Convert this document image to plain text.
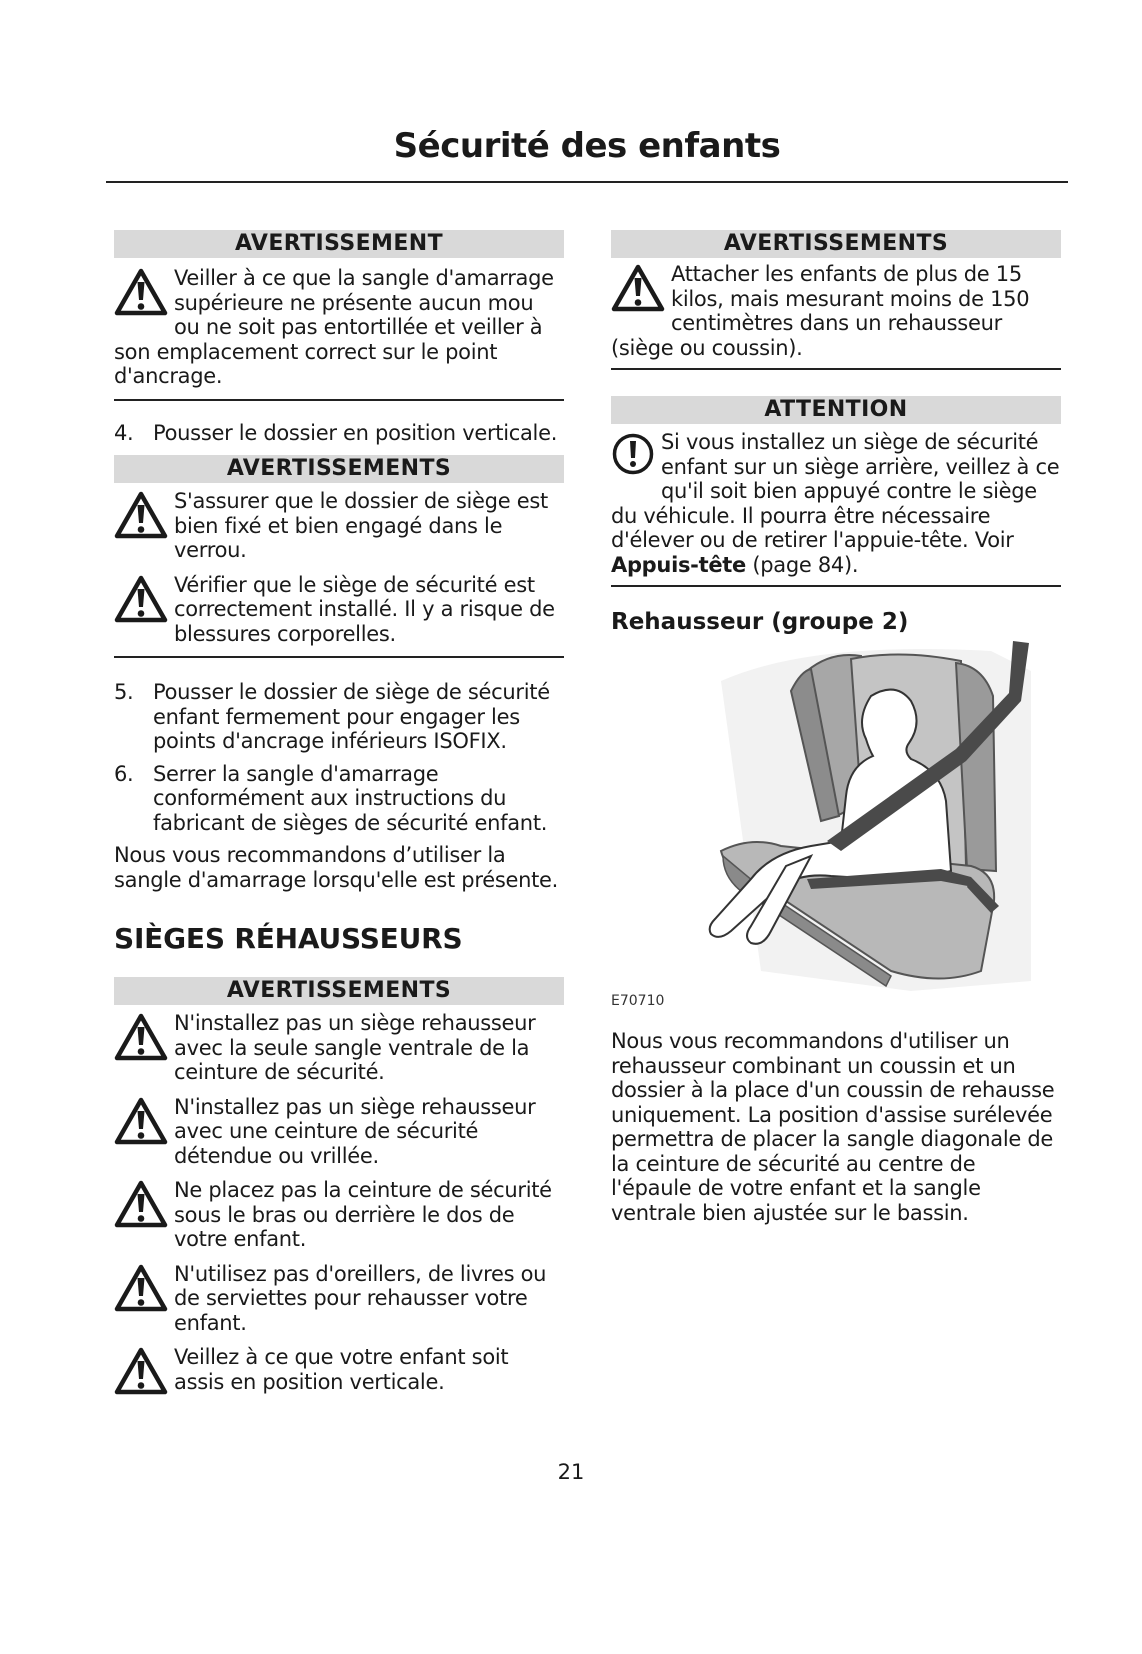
Sécurité des enfants
AVERTISSEMENT
Veiller à ce que la sangle d'amarrage supérieure ne présente aucun mou ou ne soit pas entortillée et veiller à son emplacement correct sur le point d'ancrage.
4. Pousser le dossier en position verticale.
AVERTISSEMENTS
S'assurer que le dossier de siège est bien fixé et bien engagé dans le verrou.
Vérifier que le siège de sécurité est correctement installé. Il y a risque de blessures corporelles.
5. Pousser le dossier de siège de sécurité enfant fermement pour engager les points d'ancrage inférieurs ISOFIX.
6. Serrer la sangle d'amarrage conformément aux instructions du fabricant de sièges de sécurité enfant.
Nous vous recommandons d’utiliser la sangle d'amarrage lorsqu'elle est présente.
SIÈGES RÉHAUSSEURS
AVERTISSEMENTS
N'installez pas un siège rehausseur avec la seule sangle ventrale de la ceinture de sécurité.
N'installez pas un siège rehausseur avec une ceinture de sécurité détendue ou vrillée.
Ne placez pas la ceinture de sécurité sous le bras ou derrière le dos de votre enfant.
N'utilisez pas d'oreillers, de livres ou de serviettes pour rehausser votre enfant.
Veillez à ce que votre enfant soit assis en position verticale.
AVERTISSEMENTS
Attacher les enfants de plus de 15 kilos, mais mesurant moins de 150 centimètres dans un rehausseur (siège ou coussin).
ATTENTION
Si vous installez un siège de sécurité enfant sur un siège arrière, veillez à ce qu'il soit bien appuyé contre le siège du véhicule. Il pourra être nécessaire d'élever ou de retirer l'appuie-tête. Voir Appuis-tête (page 84).
Rehausseur (groupe 2)
E70710
Nous vous recommandons d'utiliser un rehausseur combinant un coussin et un dossier à la place d'un coussin de rehausse uniquement. La position d'assise surélevée permettra de placer la sangle diagonale de la ceinture de sécurité au centre de l'épaule de votre enfant et la sangle ventrale bien ajustée sur le bassin.
21
